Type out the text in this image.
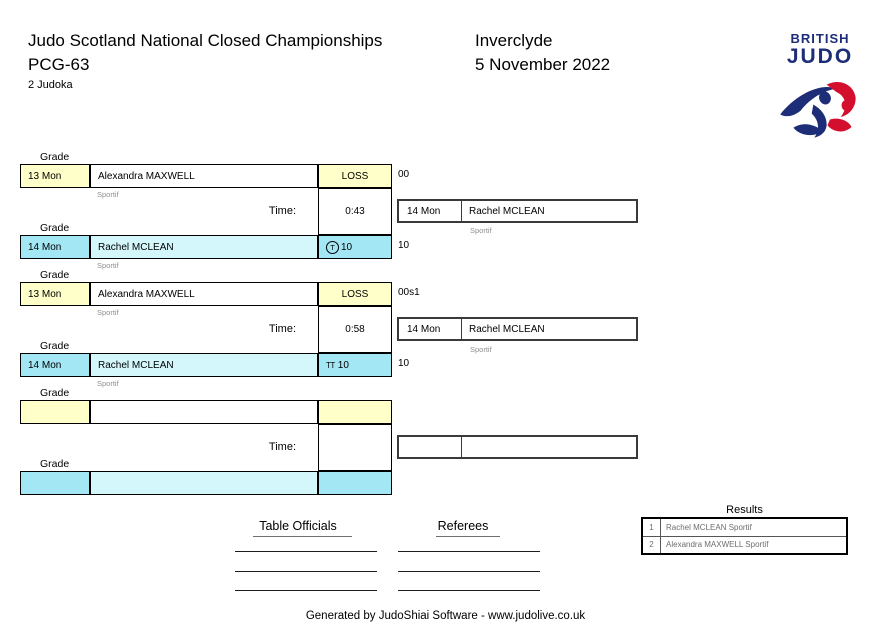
Judo Scotland National Closed Championships
PCG-63
2 Judoka
Inverclyde
5 November 2022
BRITISH
JUDO
Grade
13 Mon	Alexandra MAXWELL	LOSS	00
Sportif
Time:	0:43
Grade
14 Mon	Rachel MCLEAN	T 10	10
Sportif
14 Mon	Rachel MCLEAN
Sportif
Grade
13 Mon	Alexandra MAXWELL	LOSS	00s1
Sportif
Time:	0:58
Grade
14 Mon	Rachel MCLEAN	TT 10	10
Sportif
14 Mon	Rachel MCLEAN
Sportif
Grade
Time:
Grade
Table Officials	Referees
Results
1	Rachel MCLEAN Sportif
2	Alexandra MAXWELL Sportif
Generated by JudoShiai Software - www.judolive.co.uk
